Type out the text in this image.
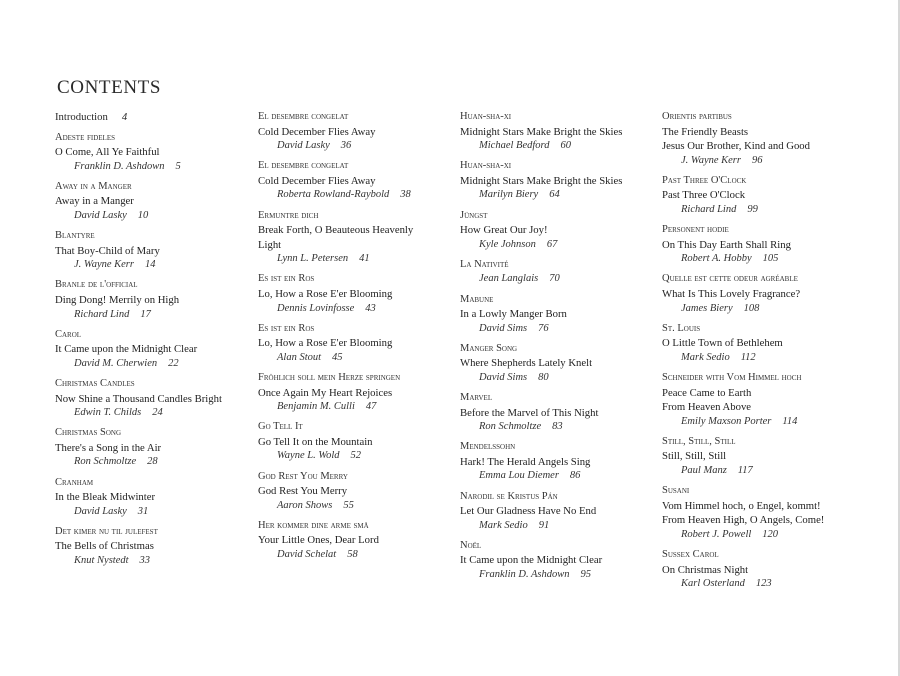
CONTENTS
Introduction 4
Adeste fideles
O Come, All Ye Faithful
Franklin D. Ashdown 5
Away in a Manger
Away in a Manger
David Lasky 10
Blantyre
That Boy-Child of Mary
J. Wayne Kerr 14
Branle de l'official
Ding Dong! Merrily on High
Richard Lind 17
Carol
It Came upon the Midnight Clear
David M. Cherwien 22
Christmas Candles
Now Shine a Thousand Candles Bright
Edwin T. Childs 24
Christmas Song
There's a Song in the Air
Ron Schmoltze 28
Cranham
In the Bleak Midwinter
David Lasky 31
Det kimer nu til julefest
The Bells of Christmas
Knut Nystedt 33
El desembre congelat
Cold December Flies Away
David Lasky 36
El desembre congelat
Cold December Flies Away
Roberta Rowland-Raybold 38
Ermuntre dich
Break Forth, O Beauteous Heavenly
Light
Lynn L. Petersen 41
Es ist ein Ros
Lo, How a Rose E'er Blooming
Dennis Lovinfosse 43
Es ist ein Ros
Lo, How a Rose E'er Blooming
Alan Stout 45
Fröhlich soll mein Herze springen
Once Again My Heart Rejoices
Benjamin M. Culli 47
Go Tell It
Go Tell It on the Mountain
Wayne L. Wold 52
God Rest You Merry
God Rest You Merry
Aaron Shows 55
Her kommer dine arme små
Your Little Ones, Dear Lord
David Schelat 58
Huan-sha-xi
Midnight Stars Make Bright the Skies
Michael Bedford 60
Huan-sha-xi
Midnight Stars Make Bright the Skies
Marilyn Biery 64
Jüngst
How Great Our Joy!
Kyle Johnson 67
La Nativité
Jean Langlais 70
Mabune
In a Lowly Manger Born
David Sims 76
Manger Song
Where Shepherds Lately Knelt
David Sims 80
Marvel
Before the Marvel of This Night
Ron Schmoltze 83
Mendelssohn
Hark! The Herald Angels Sing
Emma Lou Diemer 86
Narodil se Kristus Pán
Let Our Gladness Have No End
Mark Sedio 91
Noël
It Came upon the Midnight Clear
Franklin D. Ashdown 95
Orientis partibus
The Friendly Beasts
Jesus Our Brother, Kind and Good
J. Wayne Kerr 96
Past Three O'Clock
Past Three O'Clock
Richard Lind 99
Personent hodie
On This Day Earth Shall Ring
Robert A. Hobby 105
Quelle est cette odeur agréable
What Is This Lovely Fragrance?
James Biery 108
St. Louis
O Little Town of Bethlehem
Mark Sedio 112
Schneider with Vom Himmel hoch
Peace Came to Earth
From Heaven Above
Emily Maxson Porter 114
Still, Still, Still
Still, Still, Still
Paul Manz 117
Susani
Vom Himmel hoch, o Engel, kommt!
From Heaven High, O Angels, Come!
Robert J. Powell 120
Sussex Carol
On Christmas Night
Karl Osterland 123
